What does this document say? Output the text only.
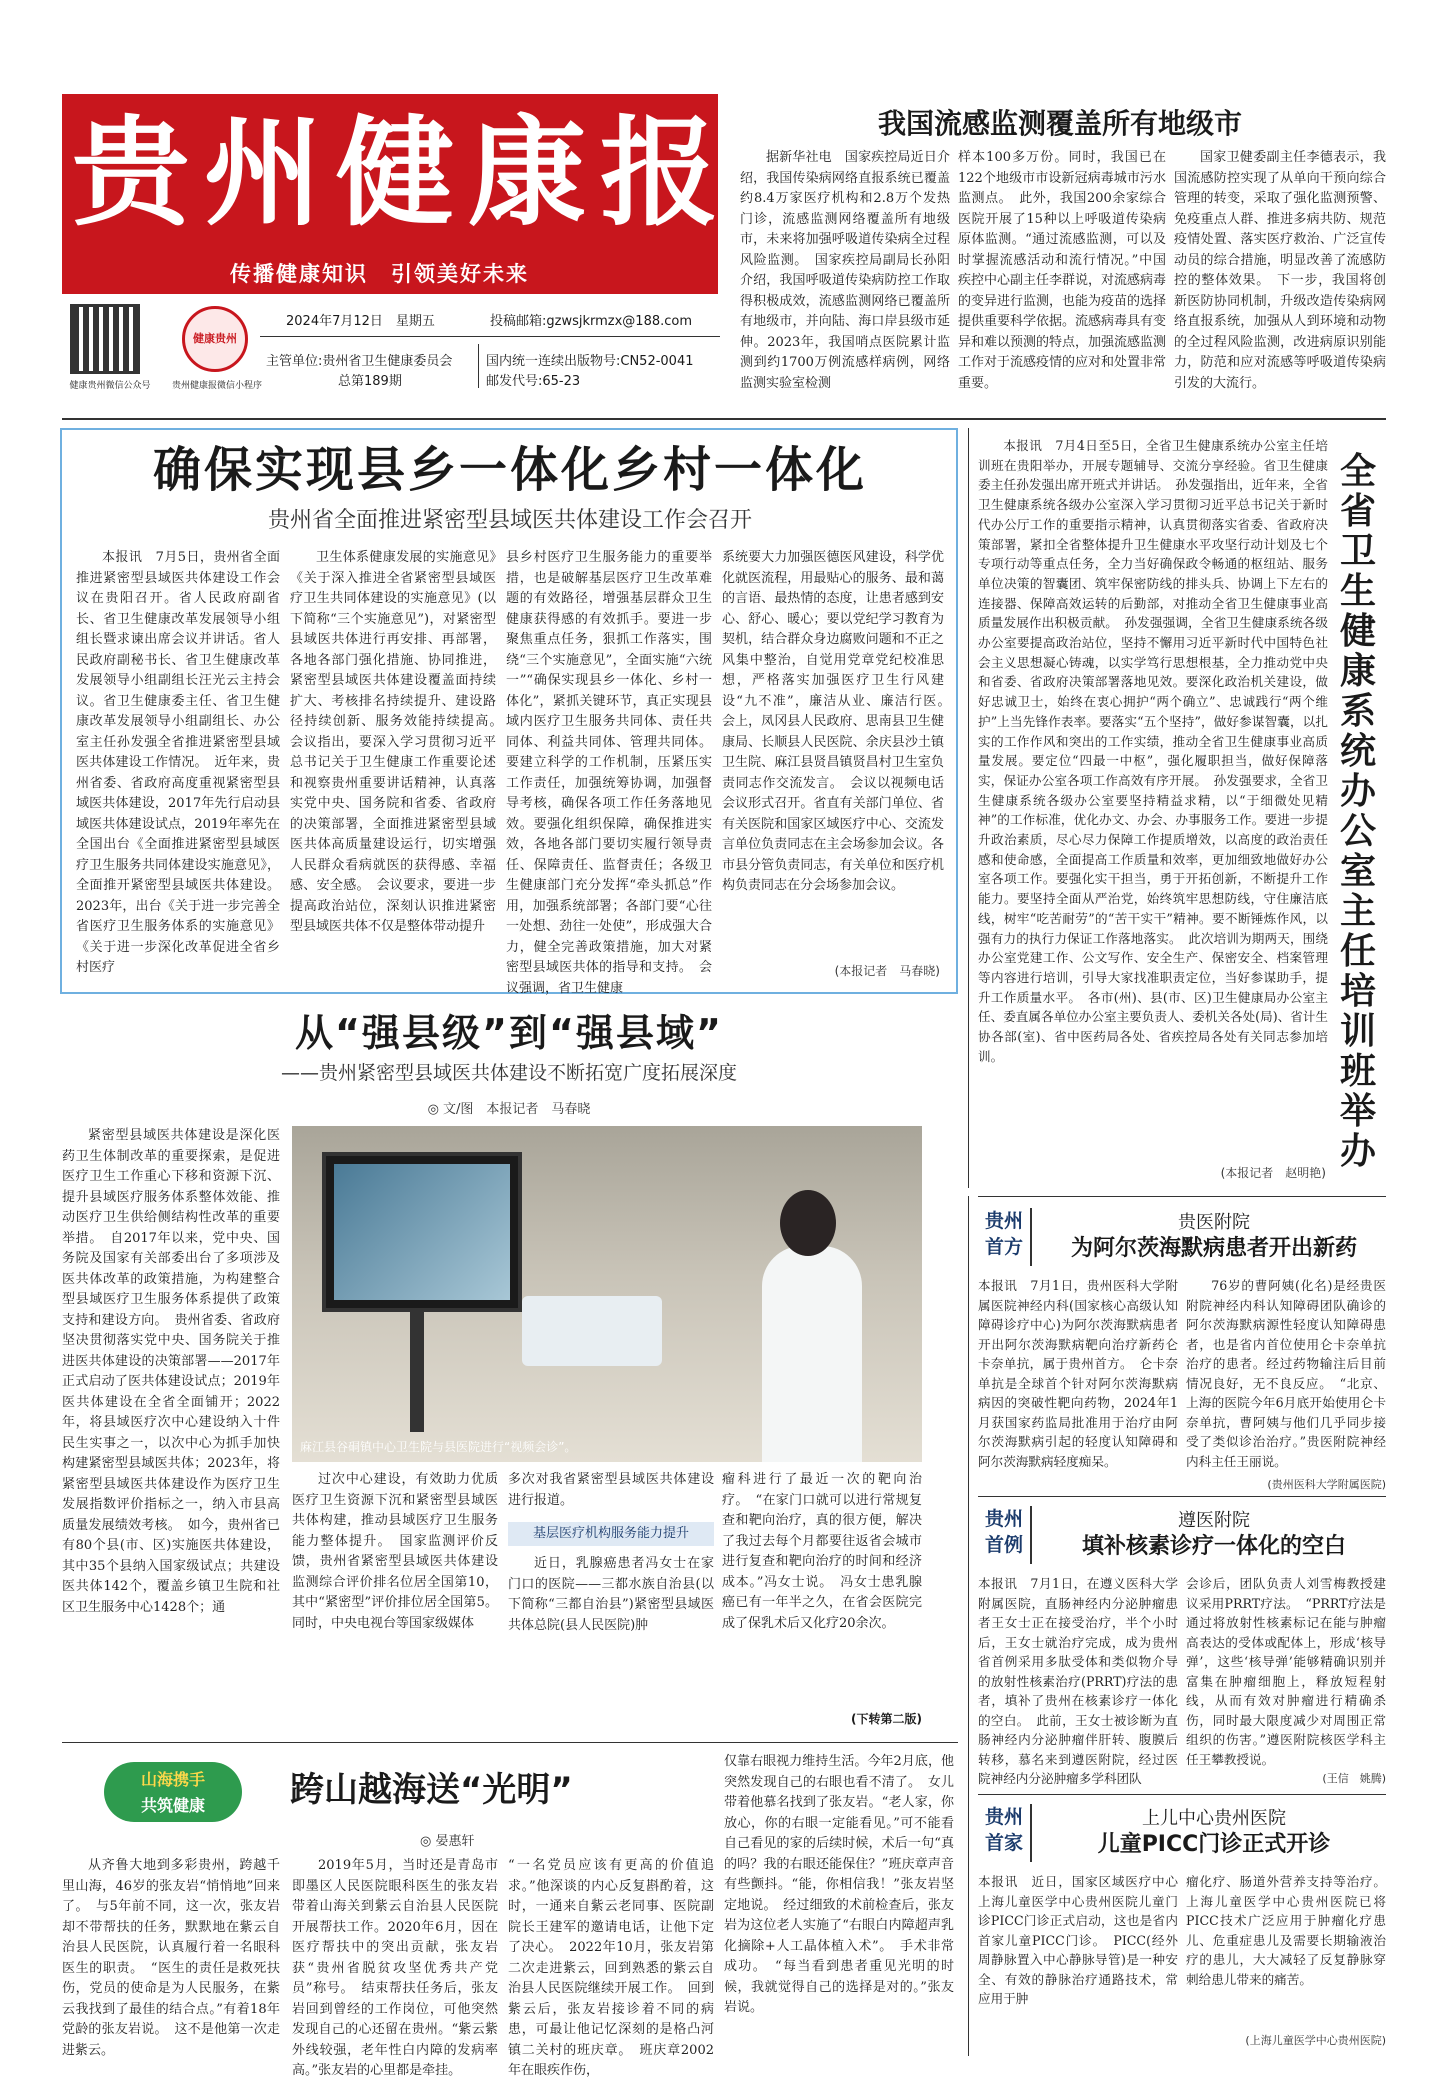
贵州健康报
传播健康知识　引领美好未来
健康贵州微信公众号
健康贵州
贵州健康报微信小程序
2024年7月12日　星期五	投稿邮箱:gzwsjkrmzx@188.com
主管单位:贵州省卫生健康委员会
总第189期
国内统一连续出版物号:CN52-0041
邮发代号:65-23
我国流感监测覆盖所有地级市
据新华社电　国家疾控局近日介绍，我国传染病网络直报系统已覆盖约8.4万家医疗机构和2.8万个发热门诊，流感监测网络覆盖所有地级市，未来将加强呼吸道传染病全过程风险监测。　国家疾控局副局长孙阳介绍，我国呼吸道传染病防控工作取得积极成效，流感监测网络已覆盖所有地级市，并向陆、海口岸县级市延伸。2023年，我国哨点医院累计监测到约1700万例流感样病例，网络监测实验室检测
样本100多万份。同时，我国已在122个地级市市设新冠病毒城市污水监测点。　此外，我国200余家综合医院开展了15种以上呼吸道传染病原体监测。“通过流感监测，可以及时掌握流感活动和流行情况。”中国疾控中心副主任李群说，对流感病毒的变异进行监测，也能为疫苗的选择提供重要科学依据。流感病毒具有变异和难以预测的特点，加强流感监测工作对于流感疫情的应对和处置非常重要。
国家卫健委副主任李德表示，我国流感防控实现了从单向干预向综合管理的转变，采取了强化监测预警、免疫重点人群、推进多病共防、规范疫情处置、落实医疗救治、广泛宣传动员的综合措施，明显改善了流感防控的整体效果。　下一步，我国将创新医防协同机制，升级改造传染病网络直报系统，加强从人到环境和动物的全过程风险监测，改进病原识别能力，防范和应对流感等呼吸道传染病引发的大流行。
确保实现县乡一体化乡村一体化
贵州省全面推进紧密型县域医共体建设工作会召开
本报讯　7月5日，贵州省全面推进紧密型县域医共体建设工作会议在贵阳召开。省人民政府副省长、省卫生健康改革发展领导小组组长暨求谏出席会议并讲话。省人民政府副秘书长、省卫生健康改革发展领导小组副组长汪光云主持会议。省卫生健康委主任、省卫生健康改革发展领导小组副组长、办公室主任孙发强全省推进紧密型县域医共体建设工作情况。　近年来，贵州省委、省政府高度重视紧密型县域医共体建设，2017年先行启动县域医共体建设试点，2019年率先在全国出台《全面推进紧密型县域医疗卫生服务共同体建设实施意见》，全面推开紧密型县域医共体建设。2023年，出台《关于进一步完善全省医疗卫生服务体系的实施意见》《关于进一步深化改革促进全省乡村医疗
卫生体系健康发展的实施意见》《关于深入推进全省紧密型县域医疗卫生共同体建设的实施意见》(以下简称“三个实施意见”)，对紧密型县域医共体进行再安排、再部署，各地各部门强化措施、协同推进，紧密型县域医共体建设覆盖面持续扩大、考核排名持续提升、建设路径持续创新、服务效能持续提高。　会议指出，要深入学习贯彻习近平总书记关于卫生健康工作重要论述和视察贵州重要讲话精神，认真落实党中央、国务院和省委、省政府的决策部署，全面推进紧密型县域医共体高质量建设运行，切实增强人民群众看病就医的获得感、幸福感、安全感。　会议要求，要进一步提高政治站位，深刻认识推进紧密型县域医共体不仅是整体带动提升
县乡村医疗卫生服务能力的重要举措，也是破解基层医疗卫生改革难题的有效路径，增强基层群众卫生健康获得感的有效抓手。要进一步聚焦重点任务，狠抓工作落实，围绕“三个实施意见”，全面实施“六统一”“确保实现县乡一体化、乡村一体化”，紧抓关键环节，真正实现县域内医疗卫生服务共同体、责任共同体、利益共同体、管理共同体。要建立科学的工作机制，压紧压实工作责任，加强统筹协调，加强督导考核，确保各项工作任务落地见效。要强化组织保障，确保推进实效，各地各部门要切实履行领导责任、保障责任、监督责任；各级卫生健康部门充分发挥“牵头抓总”作用，加强系统部署；各部门要“心往一处想、劲往一处使”，形成强大合力，健全完善政策措施，加大对紧密型县域医共体的指导和支持。　会议强调，省卫生健康
系统要大力加强医德医风建设，科学优化就医流程，用最贴心的服务、最和蔼的言语、最热情的态度，让患者感到安心、舒心、暖心；要以党纪学习教育为契机，结合群众身边腐败问题和不正之风集中整治，自觉用党章党纪校准思想，严格落实加强医疗卫生行风建设“九不准”，廉洁从业、廉洁行医。　会上，凤冈县人民政府、思南县卫生健康局、长顺县人民医院、余庆县沙土镇卫生院、麻江县贤昌镇贤昌村卫生室负责同志作交流发言。　会议以视频电话会议形式召开。省直有关部门单位、省有关医院和国家区域医疗中心、交流发言单位负责同志在主会场参加会议。各市县分管负责同志，有关单位和医疗机构负责同志在分会场参加会议。
(本报记者　马春晓)
本报讯　7月4日至5日，全省卫生健康系统办公室主任培训班在贵阳举办，开展专题辅导、交流分享经验。省卫生健康委主任孙发强出席开班式并讲话。　孙发强指出，近年来，全省卫生健康系统各级办公室深入学习贯彻习近平总书记关于新时代办公厅工作的重要指示精神，认真贯彻落实省委、省政府决策部署，紧扣全省整体提升卫生健康水平攻坚行动计划及七个专项行动等重点任务，全力当好确保政令畅通的枢纽站、服务单位决策的智囊团、筑牢保密防线的排头兵、协调上下左右的连接器、保障高效运转的后勤部，对推动全省卫生健康事业高质量发展作出积极贡献。　孙发强强调，全省卫生健康系统各级办公室要提高政治站位，坚持不懈用习近平新时代中国特色社会主义思想凝心铸魂，以实学笃行思想根基，全力推动党中央和省委、省政府决策部署落地见效。要深化政治机关建设，做好忠诚卫士，始终在衷心拥护“两个确立”、忠诚践行“两个维护”上当先锋作表率。要落实“五个坚持”，做好参谋智囊，以扎实的工作作风和突出的工作实绩，推动全省卫生健康事业高质量发展。要定位“四最一中枢”，强化履职担当，做好保障落实，保证办公室各项工作高效有序开展。　孙发强要求，全省卫生健康系统各级办公室要坚持精益求精，以“于细微处见精神”的工作标准，优化办文、办会、办事服务工作。要进一步提升政治素质，尽心尽力保障工作提质增效，以高度的政治责任感和使命感，全面提高工作质量和效率，更加细致地做好办公室各项工作。要强化实干担当，勇于开拓创新，不断提升工作能力。要坚持全面从严治党，始终筑牢思想防线，守住廉洁底线，树牢“吃苦耐劳”的“苦干实干”精神。要不断锤炼作风，以强有力的执行力保证工作落地落实。　此次培训为期两天，围绕办公室党建工作、公文写作、安全生产、保密安全、档案管理等内容进行培训，引导大家找准职责定位，当好参谋助手，提升工作质量水平。　各市(州)、县(市、区)卫生健康局办公室主任、委直属各单位办公室主要负责人、委机关各处(局)、省计生协各部(室)、省中医药局各处、省疾控局各处有关同志参加培训。
全省卫生健康系统办公室主任培训班举办
(本报记者　赵明艳)
从“强县级”到“强县域”
——贵州紧密型县域医共体建设不断拓宽广度拓展深度
◎ 文/图　本报记者　马春晓
紧密型县域医共体建设是深化医药卫生体制改革的重要探索，是促进医疗卫生工作重心下移和资源下沉、提升县域医疗服务体系整体效能、推动医疗卫生供给侧结构性改革的重要举措。　自2017年以来，党中央、国务院及国家有关部委出台了多项涉及医共体改革的政策措施，为构建整合型县域医疗卫生服务体系提供了政策支持和建设方向。　贵州省委、省政府坚决贯彻落实党中央、国务院关于推进医共体建设的决策部署——2017年正式启动了医共体建设试点；2019年医共体建设在全省全面铺开；2022年，将县域医疗次中心建设纳入十件民生实事之一，以次中心为抓手加快构建紧密型县域医共体；2023年，将紧密型县域医共体建设作为医疗卫生发展指数评价指标之一，纳入市县高质量发展绩效考核。　如今，贵州省已有80个县(市、区)实施医共体建设，其中35个县纳入国家级试点；共建设医共体142个，覆盖乡镇卫生院和社区卫生服务中心1428个；通
麻江县谷硐镇中心卫生院与县医院进行“视频会诊”。
过次中心建设，有效助力优质医疗卫生资源下沉和紧密型县域医共体构建，推动县域医疗卫生服务能力整体提升。　国家监测评价反馈，贵州省紧密型县域医共体建设监测综合评价排名位居全国第10，其中“紧密型”评价排位居全国第5。同时，中央电视台等国家级媒体
多次对我省紧密型县域医共体建设进行报道。
基层医疗机构服务能力提升
近日，乳腺癌患者冯女士在家门口的医院——三都水族自治县(以下简称“三都自治县”)紧密型县域医共体总院(县人民医院)肿
瘤科进行了最近一次的靶向治疗。　“在家门口就可以进行常规复查和靶向治疗，真的很方便，解决了我过去每个月都要往返省会城市进行复查和靶向治疗的时间和经济成本。”冯女士说。　冯女士患乳腺癌已有一年半之久，在省会医院完成了保乳术后又化疗20余次。
(下转第二版)
贵州
首方
贵医附院
为阿尔茨海默病患者开出新药
本报讯　7月1日，贵州医科大学附属医院神经内科(国家核心高级认知障碍诊疗中心)为阿尔茨海默病患者开出阿尔茨海默病靶向治疗新药仑卡奈单抗，属于贵州首方。　仑卡奈单抗是全球首个针对阿尔茨海默病病因的突破性靶向药物，2024年1月获国家药监局批准用于治疗由阿尔茨海默病引起的轻度认知障碍和阿尔茨海默病轻度痴呆。
76岁的曹阿姨(化名)是经贵医附院神经内科认知障碍团队确诊的阿尔茨海默病源性轻度认知障碍患者，也是省内首位使用仑卡奈单抗治疗的患者。经过药物输注后目前情况良好，无不良反应。　“北京、上海的医院今年6月底开始使用仑卡奈单抗，曹阿姨与他们几乎同步接受了类似诊治治疗。”贵医附院神经内科主任王丽说。
(贵州医科大学附属医院)
贵州
首例
遵医附院
填补核素诊疗一体化的空白
本报讯　7月1日，在遵义医科大学附属医院，直肠神经内分泌肿瘤患者王女士正在接受治疗，半个小时后，王女士就治疗完成，成为贵州省首例采用多肽受体和类似物介导的放射性核素治疗(PRRT)疗法的患者，填补了贵州在核素诊疗一体化的空白。　此前，王女士被诊断为直肠神经内分泌肿瘤伴肝转、腹膜后转移，慕名来到遵医附院，经过医院神经内分泌肿瘤多学科团队
会诊后，团队负责人刘雪梅教授建议采用PRRT疗法。　“PRRT疗法是通过将放射性核素标记在能与肿瘤高表达的受体或配体上，形成‘核导弹’，这些‘核导弹’能够精确识别并富集在肿瘤细胞上，释放短程射线，从而有效对肿瘤进行精确杀伤，同时最大限度减少对周围正常组织的伤害。”遵医附院核医学科主任王攀教授说。
(王信　姚腾)
贵州
首家
上儿中心贵州医院
儿童PICC门诊正式开诊
本报讯　近日，国家区域医疗中心上海儿童医学中心贵州医院儿童门诊PICC门诊正式启动，这也是省内首家儿童PICC门诊。　PICC(经外周静脉置入中心静脉导管)是一种安全、有效的静脉治疗通路技术，常应用于肿
瘤化疗、肠道外营养支持等治疗。上海儿童医学中心贵州医院已将PICC技术广泛应用于肿瘤化疗患儿、危重症患儿及需要长期输液治疗的患儿，大大减轻了反复静脉穿刺给患儿带来的痛苦。
(上海儿童医学中心贵州医院)
山海携手
共筑健康	跨山越海送“光明”
◎ 晏惠轩
从齐鲁大地到多彩贵州，跨越千里山海，46岁的张友岩“悄悄地”回来了。　与5年前不同，这一次，张友岩却不带帮扶的任务，默默地在紫云自治县人民医院，认真履行着一名眼科医生的职责。　“医生的责任是救死扶伤，党员的使命是为人民服务，在紫云我找到了最佳的结合点。”有着18年党龄的张友岩说。　这不是他第一次走进紫云。
2019年5月，当时还是青岛市即墨区人民医院眼科医生的张友岩带着山海关到紫云自治县人民医院开展帮扶工作。2020年6月，因在医疗帮扶中的突出贡献，张友岩获“贵州省脱贫攻坚优秀共产党员”称号。　结束帮扶任务后，张友岩回到曾经的工作岗位，可他突然发现自己的心还留在贵州。“紫云紫外线较强，老年性白内障的发病率高。”张友岩的心里都是牵挂。
“一名党员应该有更高的价值追求。”他深谈的内心反复斟酌着，这时，一通来自紫云老同事、医院副院长王建军的邀请电话，让他下定了决心。　2022年10月，张友岩第二次走进紫云，回到熟悉的紫云自治县人民医院继续开展工作。　回到紫云后，张友岩接诊着不同的病患，可最让他记忆深刻的是格凸河镇二关村的班庆章。　班庆章2002年在眼疾作伤，
仅靠右眼视力维持生活。今年2月底，他突然发现自己的右眼也看不清了。　女儿带着他慕名找到了张友岩。“老人家，你放心，你的右眼一定能看见。”可不能看自己看见的家的后续时候，术后一句“真的吗？我的右眼还能保住？”班庆章声音有些颤抖。“能，你相信我！”张友岩坚定地说。　经过细致的术前检查后，张友岩为这位老人实施了“右眼白内障超声乳化摘除+人工晶体植入术”。　手术非常成功。　“每当看到患者重见光明的时候，我就觉得自己的选择是对的。”张友岩说。
